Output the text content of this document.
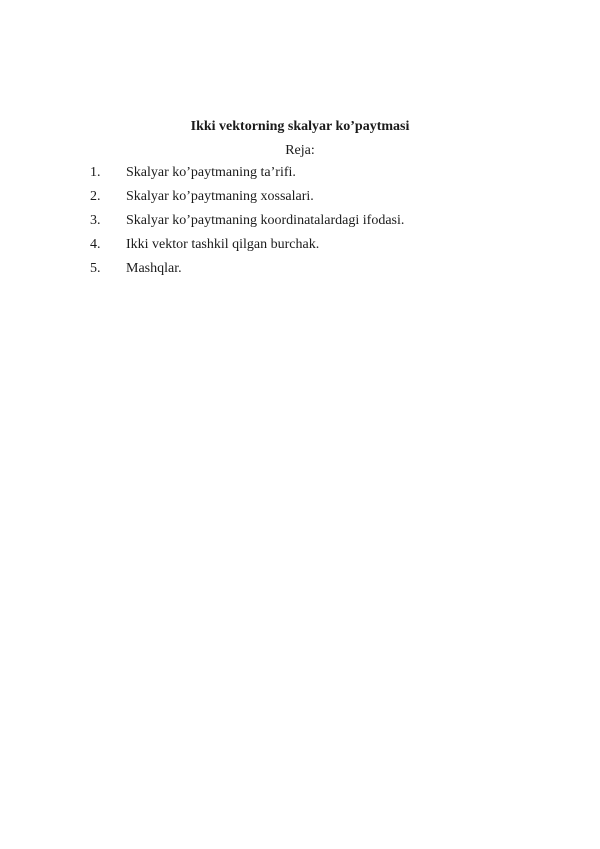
Ikki vektorning skalyar ko’paytmasi

Reja:

1. Skalyar ko’paytmaning ta’rifi.
2. Skalyar ko’paytmaning xossalari.
3. Skalyar ko’paytmaning koordinatalardagi ifodasi.
4. Ikki vektor tashkil qilgan burchak.
5. Mashqlar.
